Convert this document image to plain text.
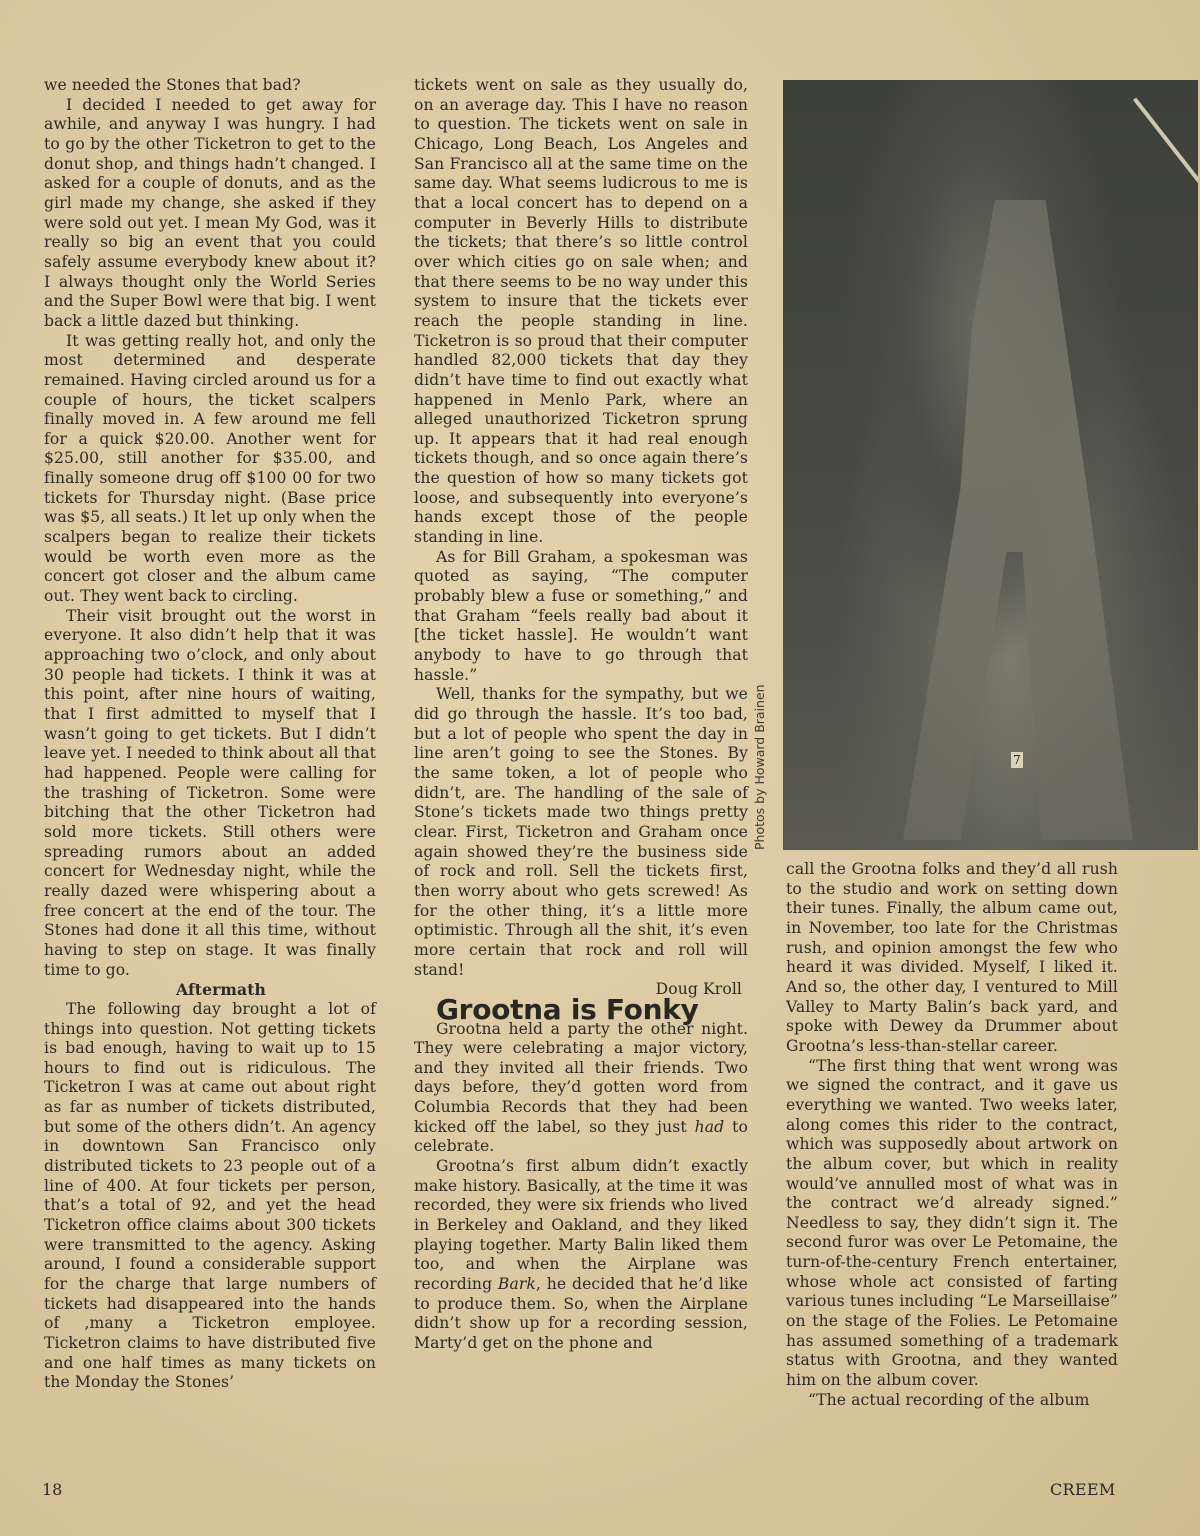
we needed the Stones that bad?

I decided I needed to get away for awhile, and anyway I was hungry. I had to go by the other Ticketron to get to the donut shop, and things hadn’t changed. I asked for a couple of donuts, and as the girl made my change, she asked if they were sold out yet. I mean My God, was it really so big an event that you could safely assume everybody knew about it? I always thought only the World Series and the Super Bowl were that big. I went back a little dazed but thinking.

It was getting really hot, and only the most determined and desperate remained. Having circled around us for a couple of hours, the ticket scalpers finally moved in. A few around me fell for a quick $20.00. Another went for $25.00, still another for $35.00, and finally someone drug off $100 00 for two tickets for Thursday night. (Base price was $5, all seats.) It let up only when the scalpers began to realize their tickets would be worth even more as the concert got closer and the album came out. They went back to circling.

Their visit brought out the worst in everyone. It also didn’t help that it was approaching two o’clock, and only about 30 people had tickets. I think it was at this point, after nine hours of waiting, that I first admitted to myself that I wasn’t going to get tickets. But I didn’t leave yet. I needed to think about all that had happened. People were calling for the trashing of Ticketron. Some were bitching that the other Ticketron had sold more tickets. Still others were spreading rumors about an added concert for Wednesday night, while the really dazed were whispering about a free concert at the end of the tour. The Stones had done it all this time, without having to step on stage. It was finally time to go.

Aftermath

The following day brought a lot of things into question. Not getting tickets is bad enough, having to wait up to 15 hours to find out is ridiculous. The Ticketron I was at came out about right as far as number of tickets distributed, but some of the others didn’t. An agency in downtown San Francisco only distributed tickets to 23 people out of a line of 400. At four tickets per person, that’s a total of 92, and yet the head Ticketron office claims about 300 tickets were transmitted to the agency. Asking around, I found a considerable support for the charge that large numbers of tickets had disappeared into the hands of ,many a Ticketron employee. Ticketron claims to have distributed five and one half times as many tickets on the Monday the Stones’

tickets went on sale as they usually do, on an average day. This I have no reason to question. The tickets went on sale in Chicago, Long Beach, Los Angeles and San Francisco all at the same time on the same day. What seems ludicrous to me is that a local concert has to depend on a computer in Beverly Hills to distribute the tickets; that there’s so little control over which cities go on sale when; and that there seems to be no way under this system to insure that the tickets ever reach the people standing in line. Ticketron is so proud that their computer handled 82,000 tickets that day they didn’t have time to find out exactly what happened in Menlo Park, where an alleged unauthorized Ticketron sprung up. It appears that it had real enough tickets though, and so once again there’s the question of how so many tickets got loose, and subsequently into everyone’s hands except those of the people standing in line.

As for Bill Graham, a spokesman was quoted as saying, “The computer probably blew a fuse or something,” and that Graham “feels really bad about it [the ticket hassle]. He wouldn’t want anybody to have to go through that hassle.”

Well, thanks for the sympathy, but we did go through the hassle. It’s too bad, but a lot of people who spent the day in line aren’t going to see the Stones. By the same token, a lot of people who didn’t, are. The handling of the sale of Stone’s tickets made two things pretty clear. First, Ticketron and Graham once again showed they’re the business side of rock and roll. Sell the tickets first, then worry about who gets screwed! As for the other thing, it’s a little more optimistic. Through all the shit, it’s even more certain that rock and roll will stand!

Doug Kroll

Grootna is Fonky

Grootna held a party the other night. They were celebrating a major victory, and they invited all their friends. Two days before, they’d gotten word from Columbia Records that they had been kicked off the label, so they just had to celebrate.

Grootna’s first album didn’t exactly make history. Basically, at the time it was recorded, they were six friends who lived in Berkeley and Oakland, and they liked playing together. Marty Balin liked them too, and when the Airplane was recording Bark, he decided that he’d like to produce them. So, when the Airplane didn’t show up for a recording session, Marty’d get on the phone and

7
Photos by Howard Brainen

call the Grootna folks and they’d all rush to the studio and work on setting down their tunes. Finally, the album came out, in November, too late for the Christmas rush, and opinion amongst the few who heard it was divided. Myself, I liked it. And so, the other day, I ventured to Mill Valley to Marty Balin’s back yard, and spoke with Dewey da Drummer about Grootna’s less-than-stellar career.

“The first thing that went wrong was we signed the contract, and it gave us everything we wanted. Two weeks later, along comes this rider to the contract, which was supposedly about artwork on the album cover, but which in reality would’ve annulled most of what was in the contract we’d already signed.” Needless to say, they didn’t sign it. The second furor was over Le Petomaine, the turn-of-the-century French entertainer, whose whole act consisted of farting various tunes including “Le Marseillaise” on the stage of the Folies. Le Petomaine has assumed something of a trademark status with Grootna, and they wanted him on the album cover.

“The actual recording of the album

18	CREEM
